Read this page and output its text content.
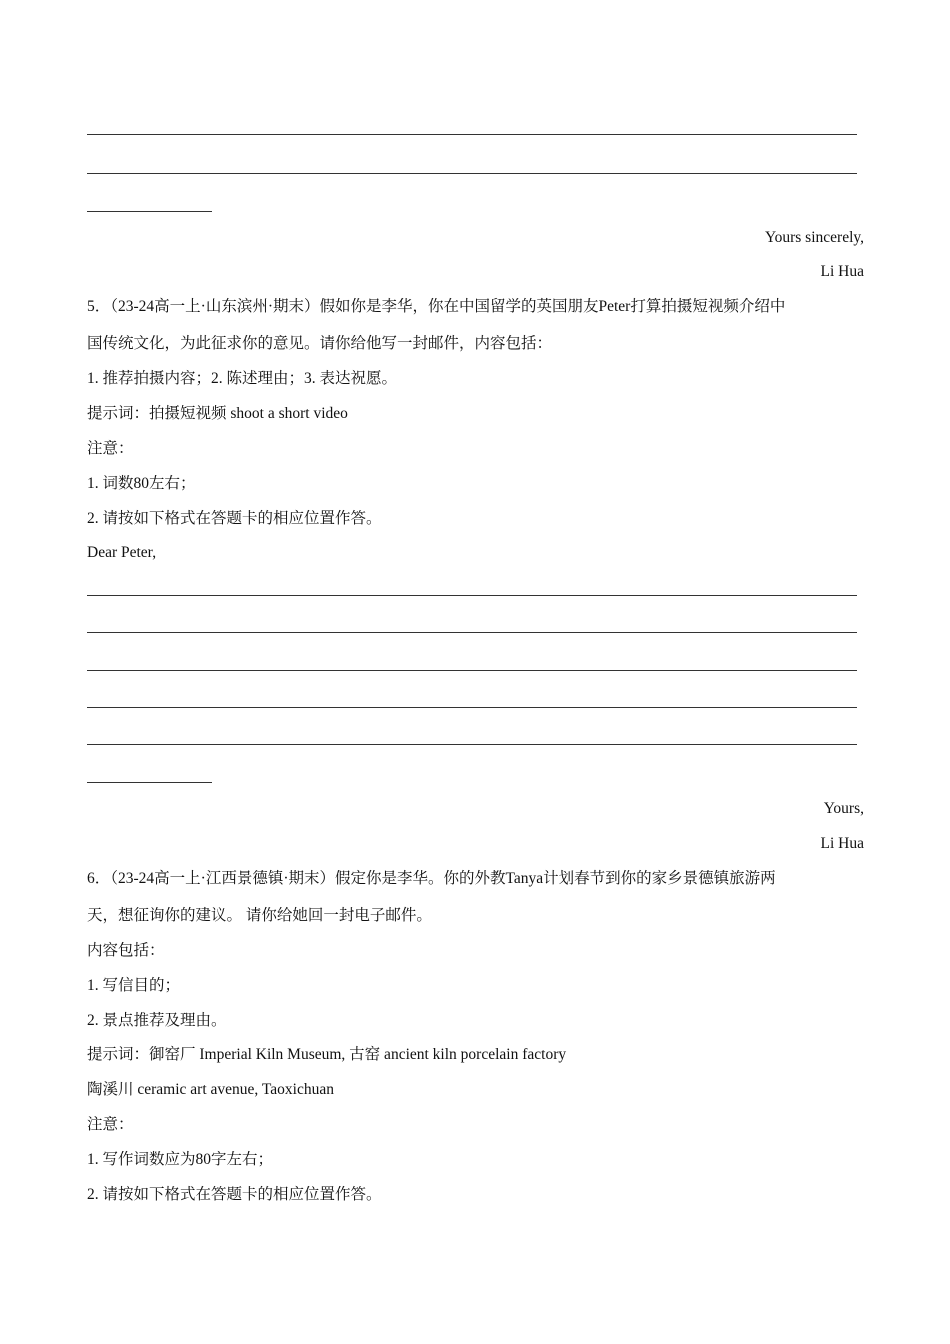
Yours sincerely,
Li Hua
5．（23-24高一上·山东滨州·期末）假如你是李华，你在中国留学的英国朋友Peter打算拍摄短视频介绍中
国传统文化，为此征求你的意见。请你给他写一封邮件，内容包括：
1. 推荐拍摄内容；2. 陈述理由；3. 表达祝愿。
提示词：拍摄短视频 shoot a short video
注意：
1. 词数80左右；
2. 请按如下格式在答题卡的相应位置作答。
Dear Peter,
Yours,
Li Hua
6．（23-24高一上·江西景德镇·期末）假定你是李华。你的外教Tanya计划春节到你的家乡景德镇旅游两
天，想征询你的建议。 请你给她回一封电子邮件。
内容包括：
1. 写信目的；
2. 景点推荐及理由。
提示词：御窑厂 Imperial Kiln Museum, 古窑 ancient kiln porcelain factory
陶溪川 ceramic art avenue, Taoxichuan
注意：
1. 写作词数应为80字左右；
2. 请按如下格式在答题卡的相应位置作答。
